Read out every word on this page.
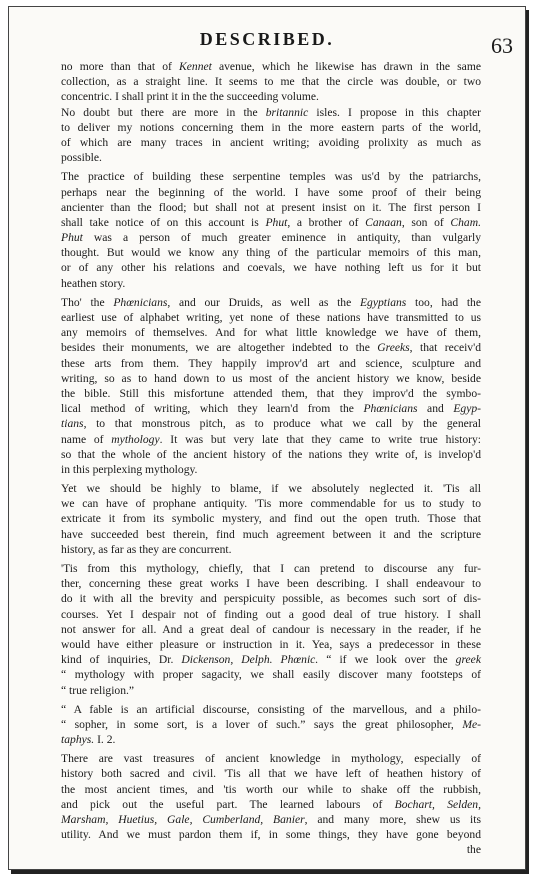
DESCRIBED.	63
no more than that of Kennet avenue, which he likewise has drawn in the same
collection, as a straight line. It seems to me that the circle was double, or two
concentric. I shall print it in the the succeeding volume.
No doubt but there are more in the britannic isles. I propose in this chapter
to deliver my notions concerning them in the more eastern parts of the world,
of which are many traces in ancient writing; avoiding prolixity as much as
possible.
The practice of building these serpentine temples was us'd by the patriarchs,
perhaps near the beginning of the world. I have some proof of their being
ancienter than the flood; but shall not at present insist on it. The first person I
shall take notice of on this account is Phut, a brother of Canaan, son of Cham.
Phut was a person of much greater eminence in antiquity, than vulgarly
thought. But would we know any thing of the particular memoirs of this man,
or of any other his relations and coevals, we have nothing left us for it but
heathen story.
Tho' the Phœnicians, and our Druids, as well as the Egyptians too, had the
earliest use of alphabet writing, yet none of these nations have transmitted to us
any memoirs of themselves. And for what little knowledge we have of them,
besides their monuments, we are altogether indebted to the Greeks, that receiv'd
these arts from them. They happily improv'd art and science, sculpture and
writing, so as to hand down to us most of the ancient history we know, beside
the bible. Still this misfortune attended them, that they improv'd the symbo-
lical method of writing, which they learn'd from the Phœnicians and Egyp-
tians, to that monstrous pitch, as to produce what we call by the general
name of mythology. It was but very late that they came to write true history:
so that the whole of the ancient history of the nations they write of, is invelop'd
in this perplexing mythology.
Yet we should be highly to blame, if we absolutely neglected it. 'Tis all
we can have of prophane antiquity. 'Tis more commendable for us to study to
extricate it from its symbolic mystery, and find out the open truth. Those that
have succeeded best therein, find much agreement between it and the scripture
history, as far as they are concurrent.
'Tis from this mythology, chiefly, that I can pretend to discourse any fur-
ther, concerning these great works I have been describing. I shall endeavour to
do it with all the brevity and perspicuity possible, as becomes such sort of dis-
courses. Yet I despair not of finding out a good deal of true history. I shall
not answer for all. And a great deal of candour is necessary in the reader, if he
would have either pleasure or instruction in it. Yea, says a predecessor in these
kind of inquiries, Dr. Dickenson, Delph. Phœnic. “ if we look over the greek
“ mythology with proper sagacity, we shall easily discover many footsteps of
“ true religion.”
“ A fable is an artificial discourse, consisting of the marvellous, and a philo-
“ sopher, in some sort, is a lover of such.” says the great philosopher, Me-
taphys. I. 2.
There are vast treasures of ancient knowledge in mythology, especially of
history both sacred and civil. 'Tis all that we have left of heathen history of
the most ancient times, and 'tis worth our while to shake off the rubbish,
and pick out the useful part. The learned labours of Bochart, Selden,
Marsham, Huetius, Gale, Cumberland, Banier, and many more, shew us its
utility. And we must pardon them if, in some things, they have gone beyond
the
